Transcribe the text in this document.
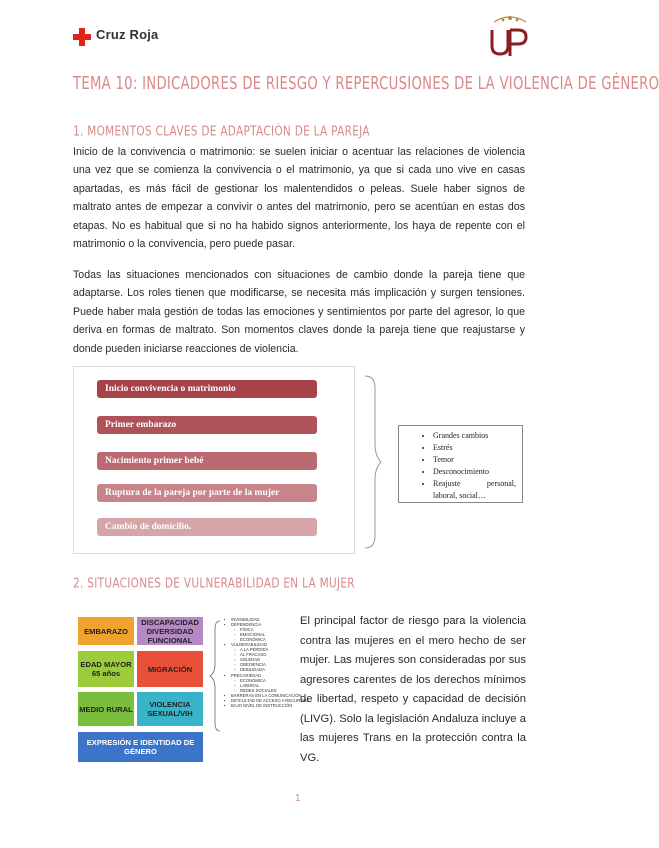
Cruz Roja
TEMA 10: INDICADORES DE RIESGO Y REPERCUSIONES DE LA VIOLENCIA DE GÉNERO
1. MOMENTOS CLAVES DE ADAPTACIÓN DE LA PAREJA
Inicio de la convivencia o matrimonio: se suelen iniciar o acentuar las relaciones de violencia una vez que se comienza la convivencia o el matrimonio, ya que si cada uno vive en casas apartadas, es más fácil de gestionar los malentendidos o peleas. Suele haber signos de maltrato antes de empezar a convivir o antes del matrimonio, pero se acentúan en estas dos etapas. No es habitual que si no ha habido signos anteriormente, los haya de repente con el matrimonio o la convivencia, pero puede pasar.
Todas las situaciones mencionados con situaciones de cambio donde la pareja tiene que adaptarse. Los roles tienen que modificarse, se necesita más implicación y surgen tensiones. Puede haber mala gestión de todas las emociones y sentimientos por parte del agresor, lo que deriva en formas de maltrato. Son momentos claves donde la pareja tiene que reajustarse y donde pueden iniciarse reacciones de violencia.
Inicio convivencia o matrimonio
Primer embarazo
Nacimiento primer bebé
Ruptura de la pareja por parte de la mujer
Cambio de domicilio.
• Grandes cambios
• Estrés
• Temor
• Desconocimiento
• Reajuste personal, laboral, social…
2. SITUACIONES DE VULNERABILIDAD EN LA MUJER
EMBARAZO
DISCAPACIDAD DIVERSIDAD FUNCIONAL
EDAD MAYOR 65 años	MIGRACIÓN
MEDIO RURAL	VIOLENCIA SEXUAL/VIH
EXPRESIÓN E IDENTIDAD DE GÉNERO
▪ INVISIBILIDAD
▪ DEPENDENCIA
◦ FÍSICA
◦ EMOCIONAL
◦ ECONÓMICA
▪ VULNERABILIDAD
◦ A LA PÉRDIDA
◦ AL FRACASO
◦ SOLEDAD
◦ OBEDIENCIA
◦ DEBILIDADA
▪ PRECARIEDAD
◦ ECONÓMICA
◦ LABORAL
◦ REDES SOCIALES
▪ BARRERAS EN LA COMUNICACIÓN
▪ DIFICULTAD DE ACCESO A RECURSOS
▪ BAJO NIVEL DE INSTRUCCIÓN
El principal factor de riesgo para la violencia contra las mujeres en el mero hecho de ser mujer. Las mujeres son consideradas por sus agresores carentes de los derechos mínimos de libertad, respeto y capacidad de decisión (LIVG). Solo la legislación Andaluza incluye a las mujeres Trans en la protección contra la VG.
1
